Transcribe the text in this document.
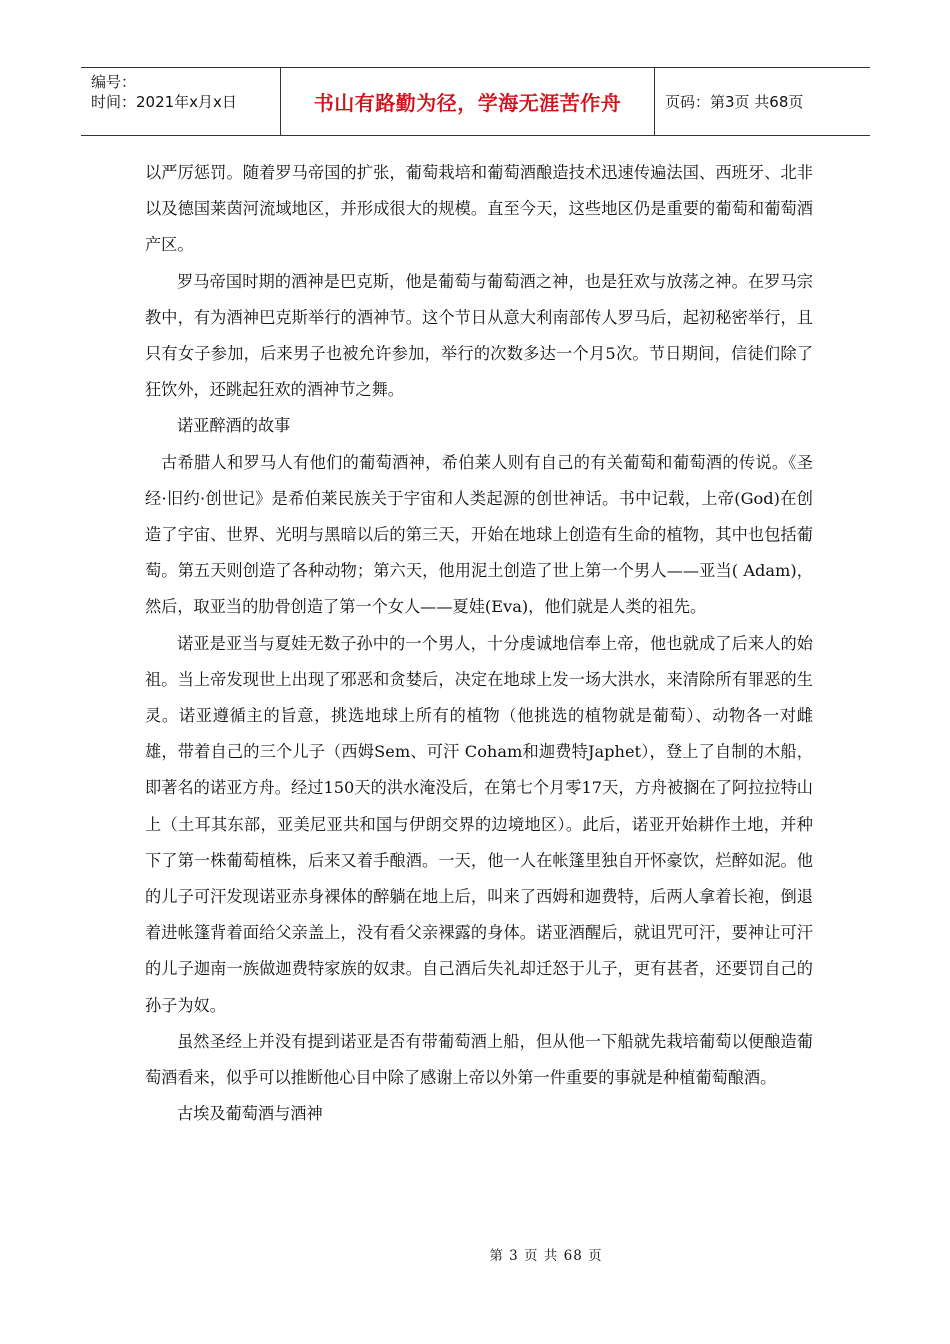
编号：
时间：2021年x月x日	书山有路勤为径，学海无涯苦作舟	页码：第3页 共68页

以严厉惩罚。随着罗马帝国的扩张，葡萄栽培和葡萄酒酿造技术迅速传遍法国、西班牙、北非以及德国莱茵河流域地区，并形成很大的规模。直至今天，这些地区仍是重要的葡萄和葡萄酒产区。

罗马帝国时期的酒神是巴克斯，他是葡萄与葡萄酒之神，也是狂欢与放荡之神。在罗马宗教中，有为酒神巴克斯举行的酒神节。这个节日从意大利南部传人罗马后，起初秘密举行，且只有女子参加，后来男子也被允许参加，举行的次数多达一个月5次。节日期间，信徒们除了狂饮外，还跳起狂欢的酒神节之舞。

诺亚醉酒的故事

古希腊人和罗马人有他们的葡萄酒神，希伯莱人则有自己的有关葡萄和葡萄酒的传说。《圣经·旧约·创世记》是希伯莱民族关于宇宙和人类起源的创世神话。书中记载，上帝(God)在创造了宇宙、世界、光明与黑暗以后的第三天，开始在地球上创造有生命的植物，其中也包括葡萄。第五天则创造了各种动物；第六天，他用泥土创造了世上第一个男人——亚当( Adam)，然后，取亚当的肋骨创造了第一个女人——夏娃(Eva)，他们就是人类的祖先。

诺亚是亚当与夏娃无数子孙中的一个男人，十分虔诚地信奉上帝，他也就成了后来人的始祖。当上帝发现世上出现了邪恶和贪婪后，决定在地球上发一场大洪水，来清除所有罪恶的生灵。诺亚遵循主的旨意，挑选地球上所有的植物（他挑选的植物就是葡萄）、动物各一对雌雄，带着自己的三个儿子（西姆Sem、可汗 Coham和迦费特Japhet），登上了自制的木船，即著名的诺亚方舟。经过150天的洪水淹没后，在第七个月零17天，方舟被搁在了阿拉拉特山上（土耳其东部，亚美尼亚共和国与伊朗交界的边境地区）。此后，诺亚开始耕作土地，并种下了第一株葡萄植株，后来又着手酿酒。一天，他一人在帐篷里独自开怀豪饮，烂醉如泥。他的儿子可汗发现诺亚赤身裸体的醉躺在地上后，叫来了西姆和迦费特，后两人拿着长袍，倒退着进帐篷背着面给父亲盖上，没有看父亲裸露的身体。诺亚酒醒后，就诅咒可汗，要神让可汗的儿子迦南一族做迦费特家族的奴隶。自己酒后失礼却迁怒于儿子，更有甚者，还要罚自己的孙子为奴。

虽然圣经上并没有提到诺亚是否有带葡萄酒上船，但从他一下船就先栽培葡萄以便酿造葡萄酒看来，似乎可以推断他心目中除了感谢上帝以外第一件重要的事就是种植葡萄酿酒。

古埃及葡萄酒与酒神

第 3 页 共 68 页
